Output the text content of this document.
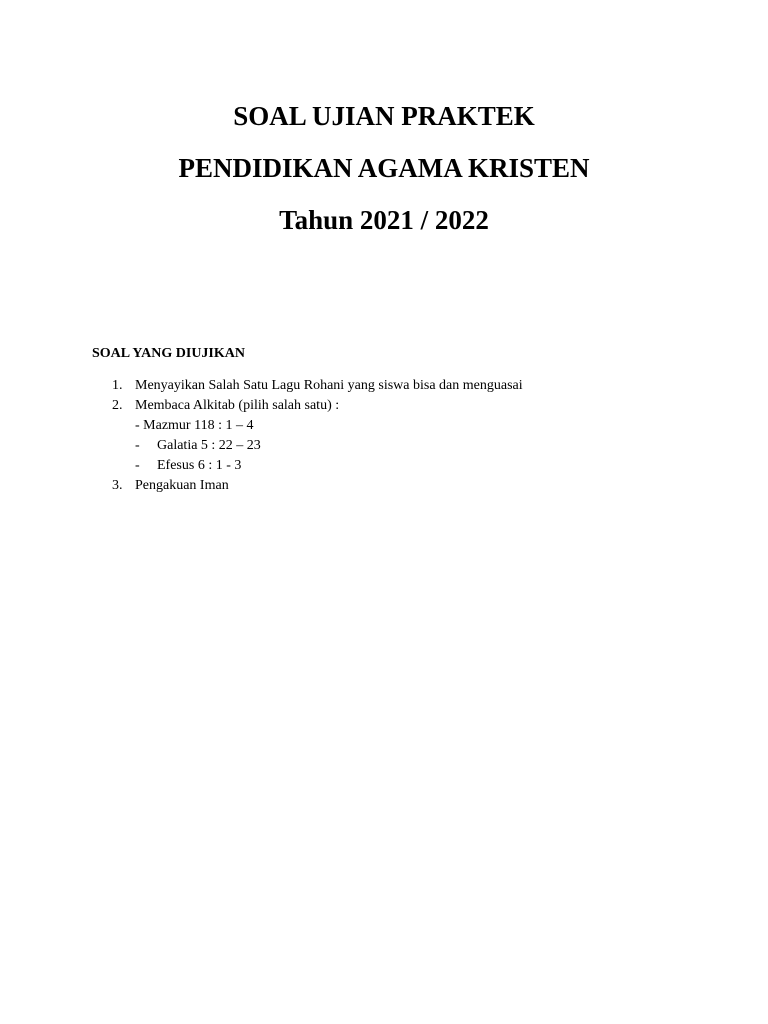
SOAL UJIAN PRAKTEK

PENDIDIKAN AGAMA KRISTEN

Tahun 2021 / 2022

SOAL YANG DIUJIKAN

1. Menyayikan Salah Satu Lagu Rohani yang siswa bisa dan menguasai
2. Membaca Alkitab (pilih salah satu) :
- Mazmur 118 : 1 – 4
- Galatia 5 : 22 – 23
- Efesus 6 : 1 - 3
3. Pengakuan Iman
